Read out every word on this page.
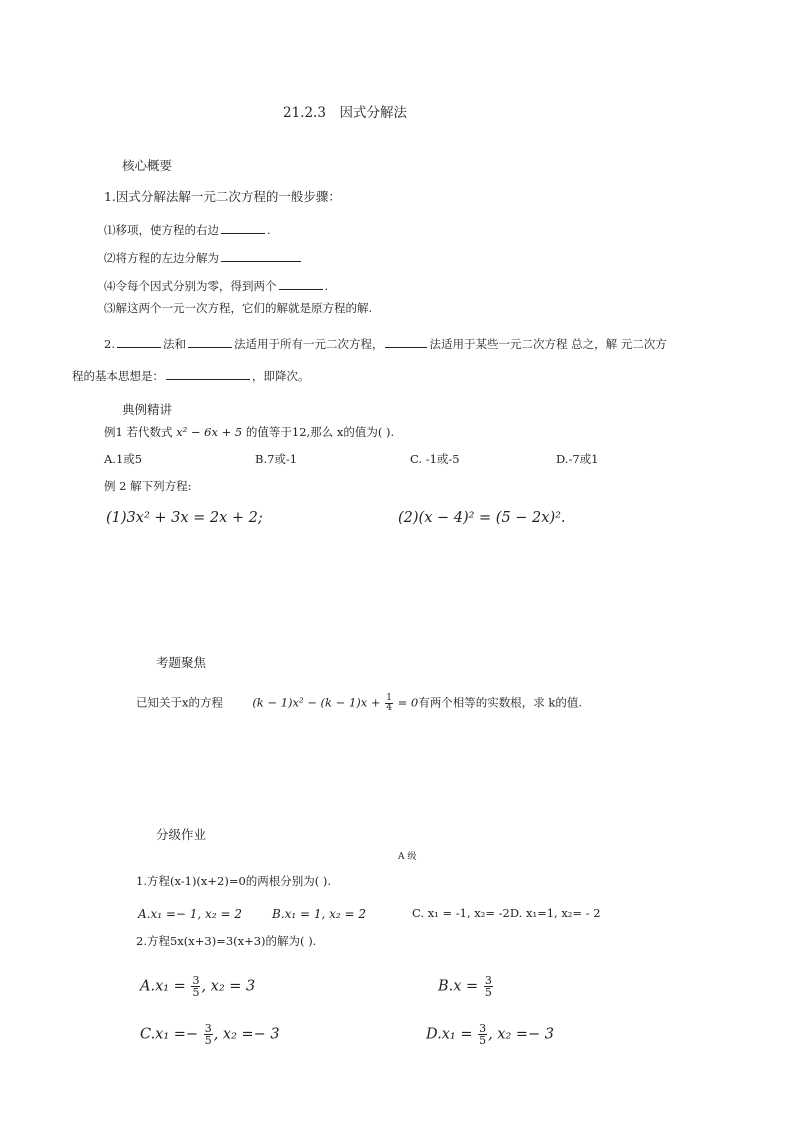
21.2.3　因式分解法
核心概要
1.因式分解法解一元二次方程的一般步骤：
⑴移项，使方程的右边	.
⑵将方程的左边分解为
⑷令每个因式分别为零，得到两个	.
⑶解这两个一元一次方程，它们的解就是原方程的解.
2.	法和	法适用于所有一元二次方程，	法适用于某些一元二次方程 总之，解 元二次方
程的基本思想是：	，即降次。
典例精讲
例1 若代数式 x² − 6x + 5 的值等于12,那么 x的值为( ).
A.1或5	B.7或-1	C. -1或-5	D.-7或1
例 2 解下列方程:
(1)3x² + 3x = 2x + 2;	(2)(x − 4)² = (5 − 2x)².
考题聚焦
已知关于x的方程	$(k - 1)x^2 - (k - 1)x + \frac{1}{4} = 0$有两个相等的实数根，求 k的值.
分级作业
A 级
1.方程(x-1)(x+2)=0的两根分别为( ).
A.x₁ =− 1, x₂ = 2	B.x₁ = 1, x₂ = 2	C. x₁ = -1, x₂= -2D. x₁=1, x₂= - 2
2.方程5x(x+3)=3(x+3)的解为( ).
$A.x_1 = \frac{3}{5}$ , x₂ = 3	$B.x = \frac{3}{5}$
$C.x_1 =- \frac{3}{5}$ , x₂ =− 3	$D.x_1 = \frac{3}{5}$ , x₂ =− 3
